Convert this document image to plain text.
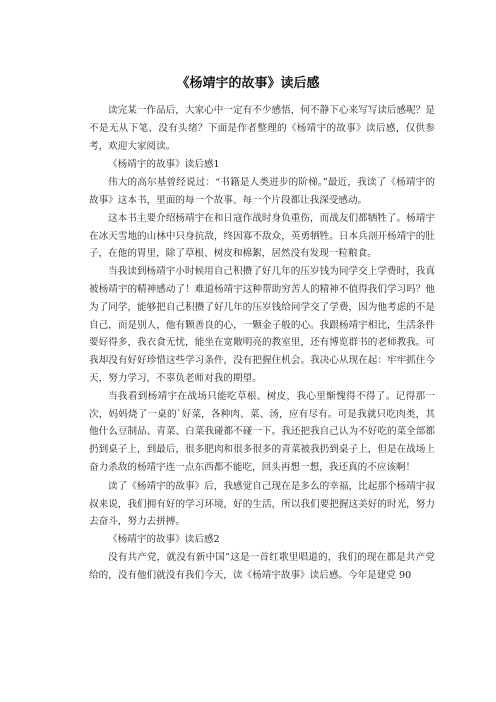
《杨靖宇的故事》读后感

读完某一作品后，大家心中一定有不少感悟，何不静下心来写写读后感呢？是不是无从下笔、没有头绪？下面是作者整理的《杨靖宇的故事》读后感，仅供参考，欢迎大家阅读。

《杨靖宇的故事》读后感1

伟大的高尔基曾经说过：“书籍是人类进步的阶梯。”最近，我读了《杨靖宇的故事》这本书，里面的每一个故事、每一个片段都让我深受感动。

这本书主要介绍杨靖宇在和日寇作战时身负重伤，而战友们都牺牲了。杨靖宇在冰天雪地的山林中只身抗敌，终因寡不敌众，英勇牺牲。日本兵剖开杨靖宇的肚子，在他的胃里，除了草根、树皮和棉絮，居然没有发现一粒粮食。

当我读到杨靖宇小时候用自己积攒了好几年的压岁钱为同学交上学费时，我真被杨靖宇的精神感动了！难道杨靖宇这种帮助穷苦人的精神不值得我们学习吗？他为了同学，能够把自己积攒了好几年的压岁钱给同学交了学费，因为他考虑的不是自己，而是别人，他有颗善良的心，一颗金子般的心。我跟杨靖宇相比，生活条件要好得多，我衣食无忧，能坐在宽敞明亮的教室里，还有博览群书的老师教我。可我却没有好好珍惜这些学习条件，没有把握住机会。我决心从现在起：牢牢抓住今天，努力学习，不辜负老师对我的期望。

当我看到杨靖宇在战场只能吃草根、树皮，我心里惭愧得不得了。记得那一次，妈妈烧了一桌的`好菜，各种肉、菜、汤，应有尽有。可是我就只吃肉类，其他什么豆制品、青菜、白菜我碰都不碰一下。我还把我自己认为不好吃的菜全部都扔到桌子上，到最后，很多肥肉和很多很多的青菜被我扔到桌子上，但是在战场上奋力杀敌的杨靖宇连一点东西都不能吃，回头再想一想，我还真的不应该啊！

读了《杨靖宇的故事》后，我感觉自己现在是多么的幸福，比起那个杨靖宇叔叔来说，我们拥有好的学习环境，好的生活，所以我们要把握这美好的时光，努力去奋斗，努力去拼搏。

《杨靖宇的故事》读后感2

没有共产党，就没有新中国”这是一首红歌里唱道的，我们的现在都是共产党给的，没有他们就没有我们今天，读《杨靖宇故事》读后感。今年是建党 90
